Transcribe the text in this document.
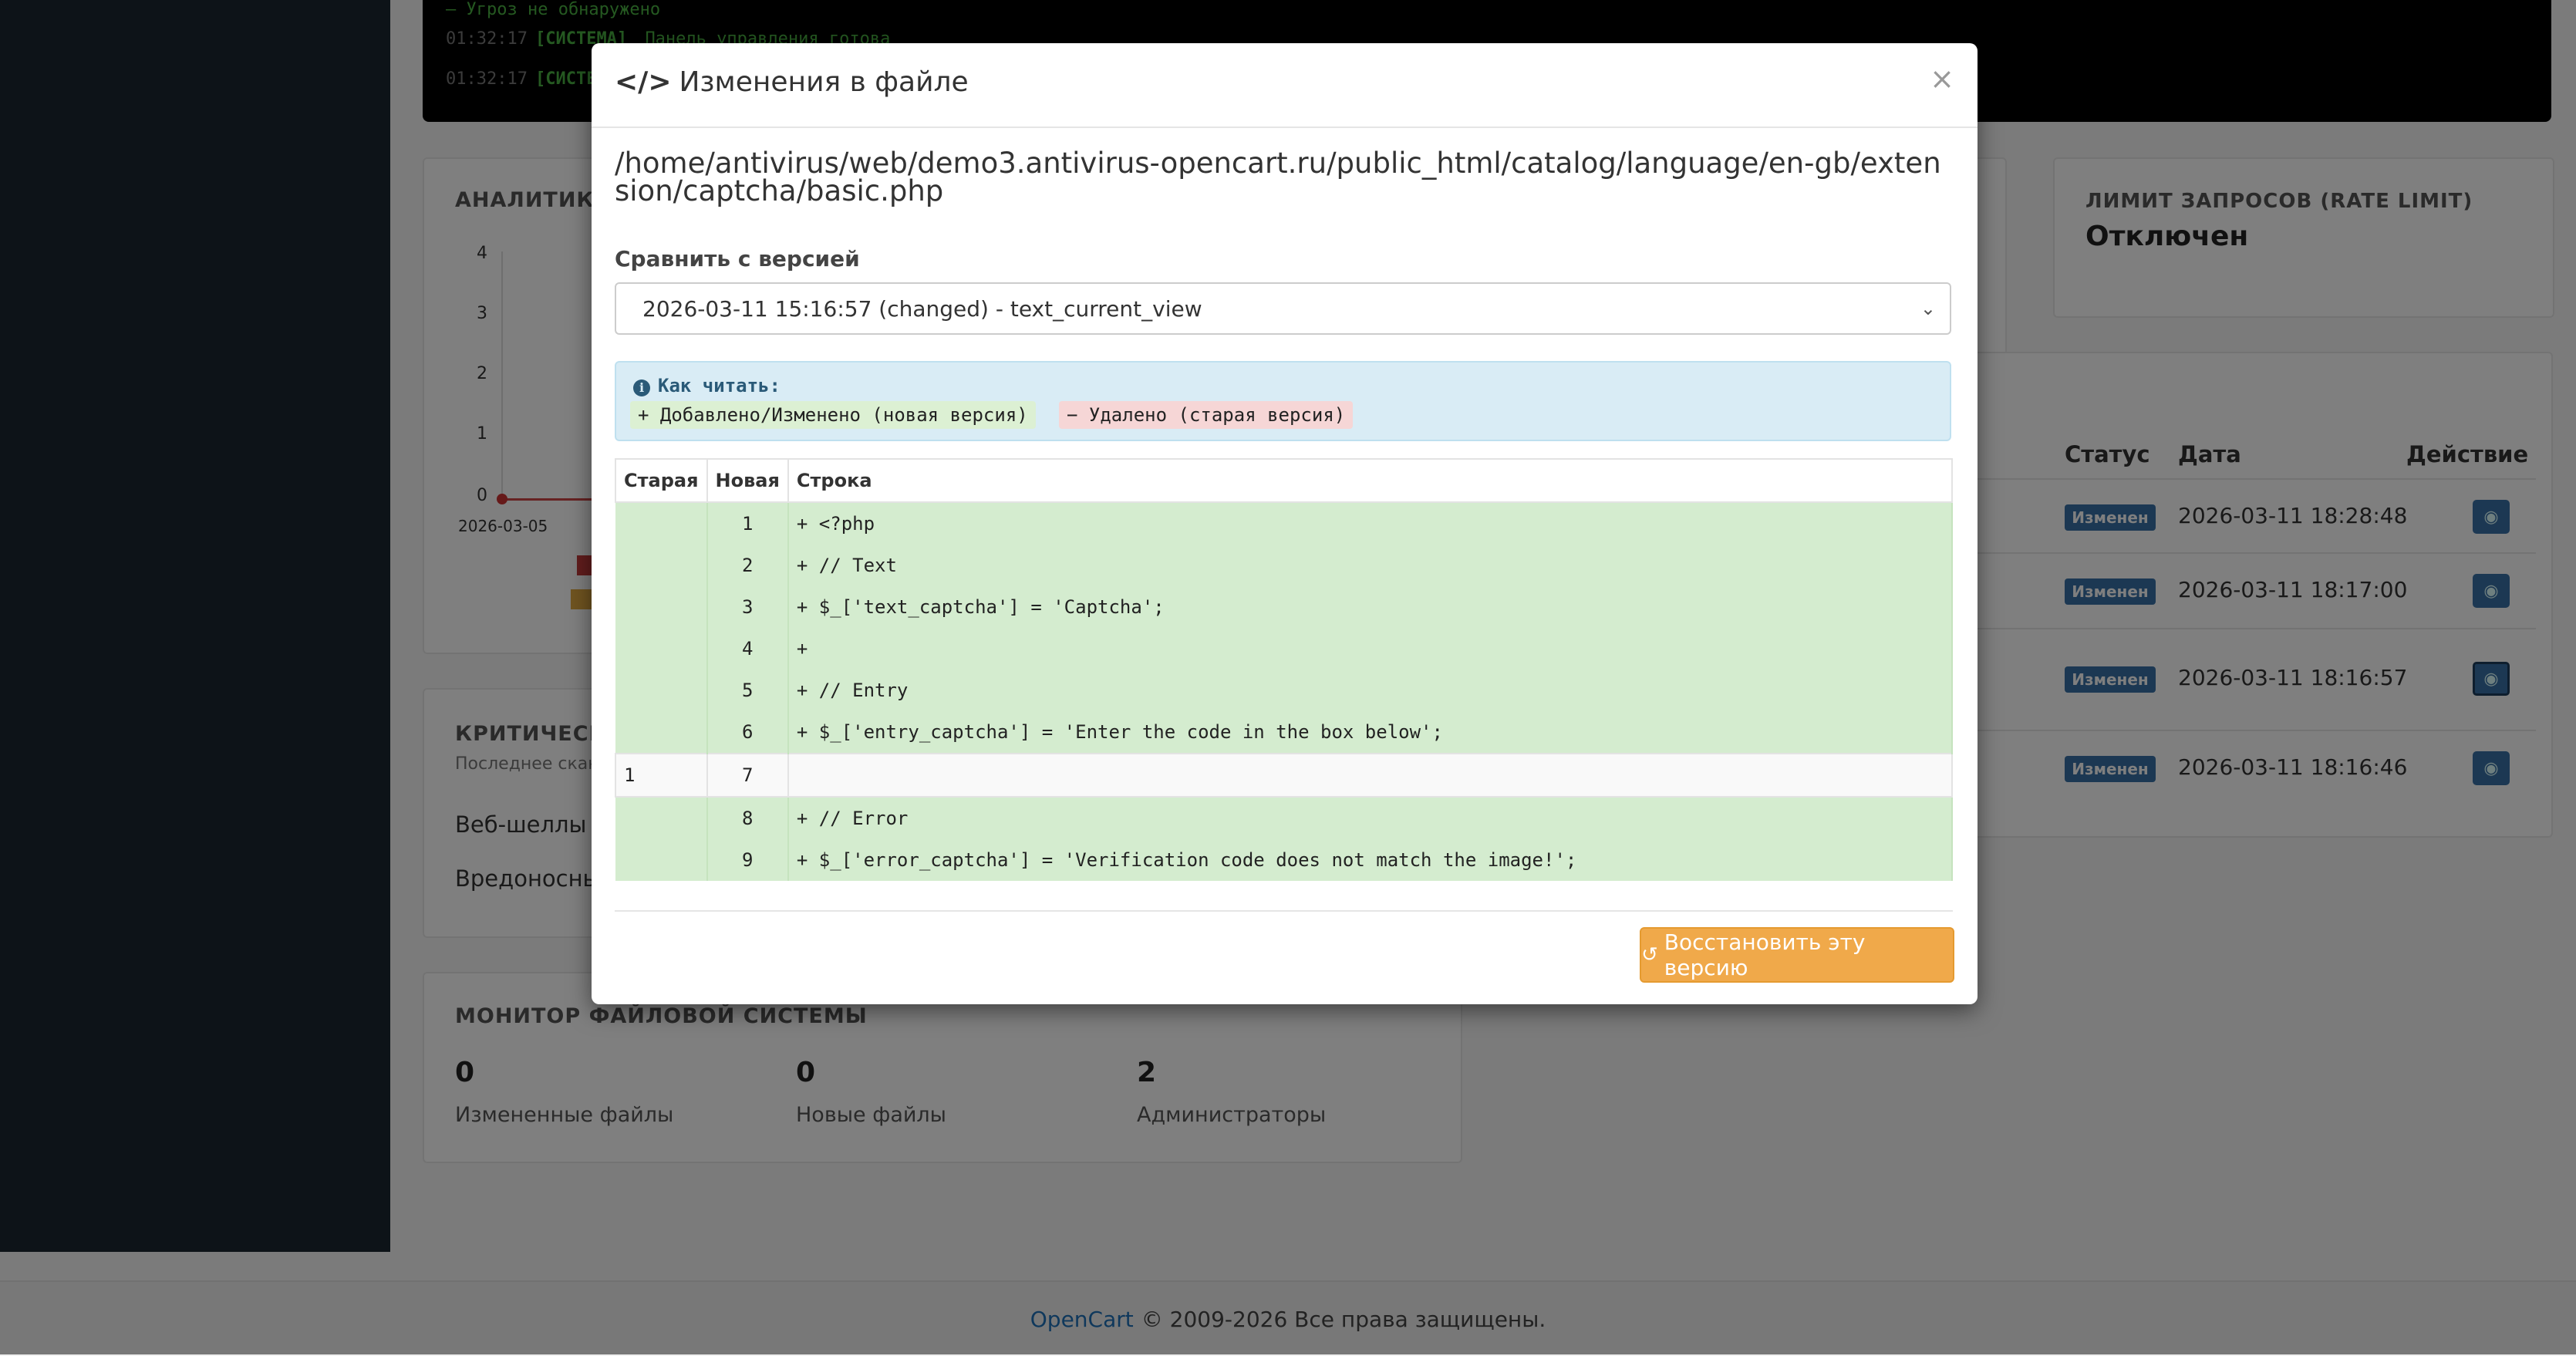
</> Изменения в файле	×
/home/antivirus/web/demo3.antivirus-opencart.ru/public_html/catalog/language/en-gb/extension/captcha/basic.php
Сравнить с версией
2026-03-11 15:16:57 (changed) - text_current_view	⌄
i Как читать:
+ Добавлено/Изменено (новая версия)	− Удалено (старая версия)
Старая	Новая	Строка
	1	+ <?php
	2	+ // Text
	3	+ $_['text_captcha'] = 'Captcha';
	4	+
	5	+ // Entry
	6	+ $_['entry_captcha'] = 'Enter the code in the box below';
1	7	
	8	+ // Error
	9	+ $_['error_captcha'] = 'Verification code does not match the image!';
↺ Восстановить эту версию
